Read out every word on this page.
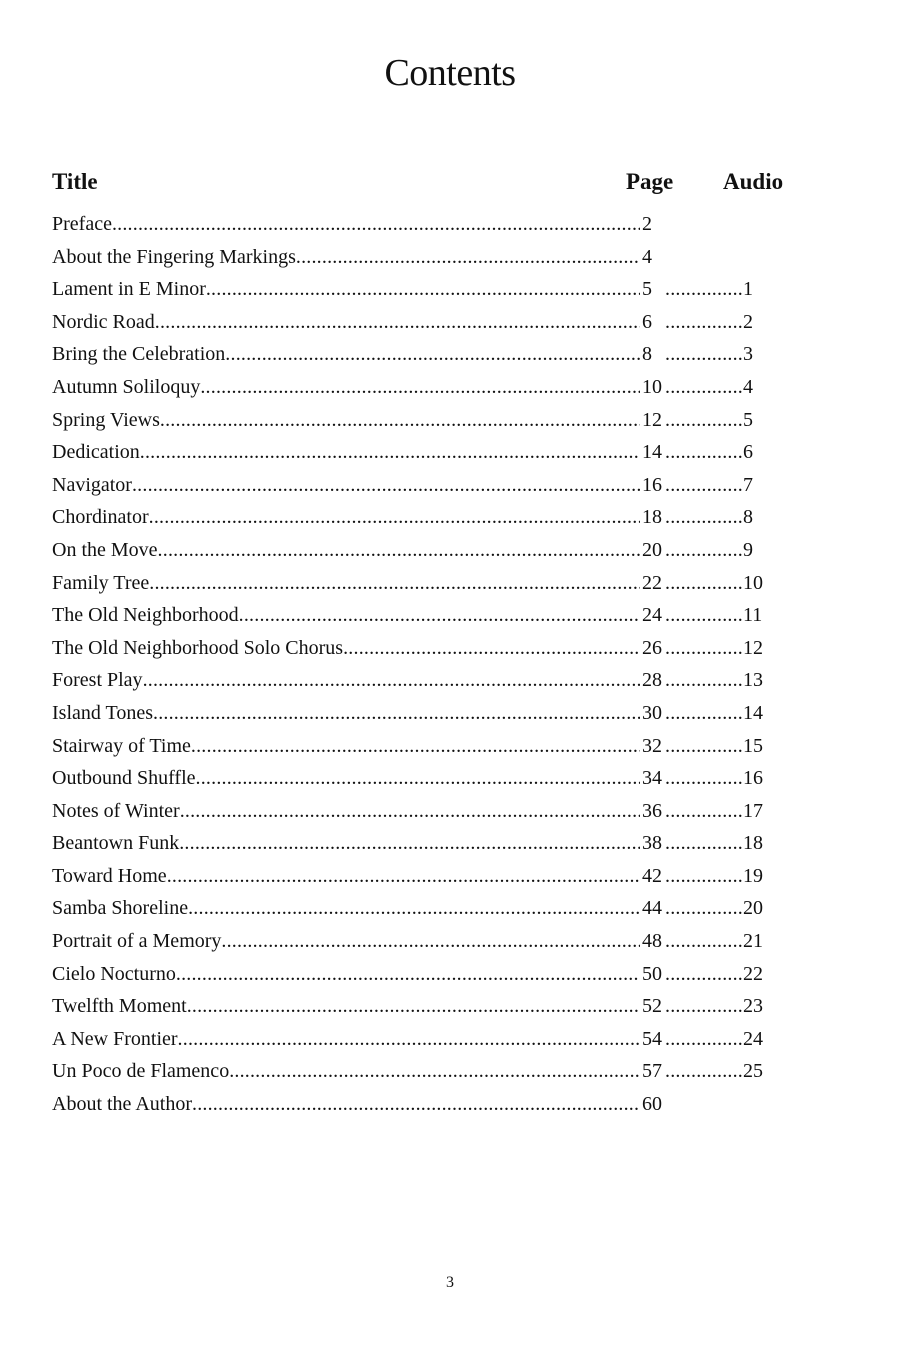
Contents
Title	Page Audio
Preface .....	2
About the Fingering Markings .....	4
Lament in E Minor ..... .....	5	1
Nordic Road ..... .....	6	2
Bring the Celebration ..... .....	8	3
Autumn Soliloquy ..... .....	10	4
Spring Views ..... .....	12	5
Dedication ..... .....	14	6
Navigator ..... .....	16	7
Chordinator ..... .....	18	8
On the Move ..... .....	20	9
Family Tree ..... .....	22	10
The Old Neighborhood ..... .....	24	11
The Old Neighborhood Solo Chorus ..... .....	26	12
Forest Play ..... .....	28	13
Island Tones ..... .....	30	14
Stairway of Time ..... .....	32	15
Outbound Shuffle ..... .....	34	16
Notes of Winter ..... .....	36	17
Beantown Funk ..... .....	38	18
Toward Home ..... .....	42	19
Samba Shoreline ..... .....	44	20
Portrait of a Memory ..... .....	48	21
Cielo Nocturno ..... .....	50	22
Twelfth Moment ..... .....	52	23
A New Frontier ..... .....	54	24
Un Poco de Flamenco ..... .....	57	25
About the Author .....	60
3
